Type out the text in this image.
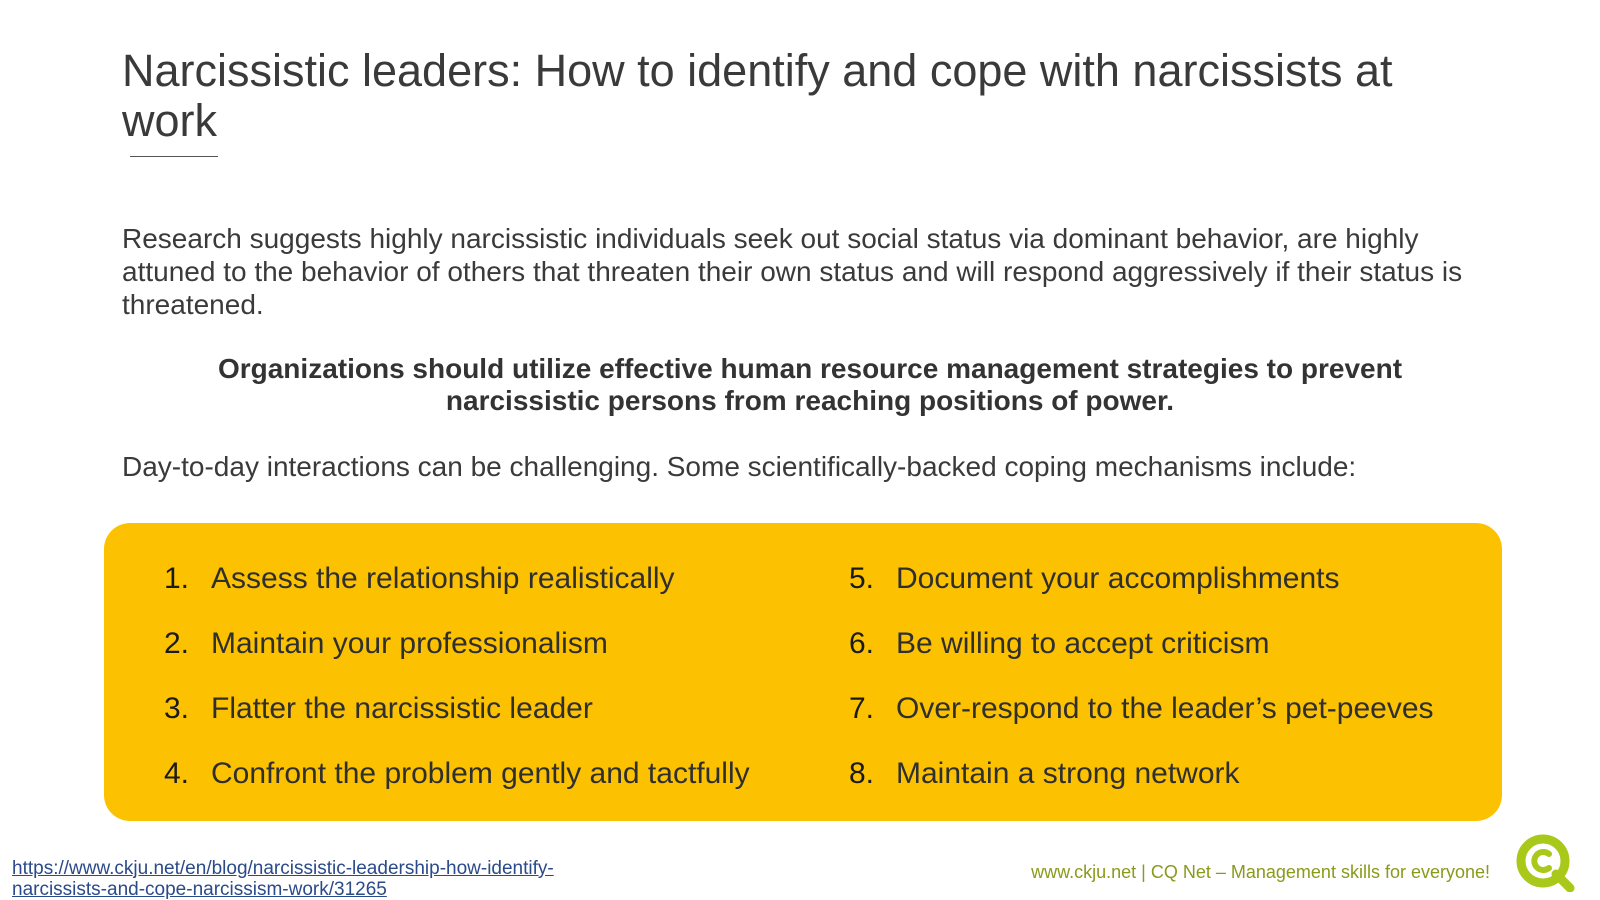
Narcissistic leaders: How to identify and cope with narcissists at work

Research suggests highly narcissistic individuals seek out social status via dominant behavior, are highly attuned to the behavior of others that threaten their own status and will respond aggressively if their status is threatened.

Organizations should utilize effective human resource management strategies to prevent narcissistic persons from reaching positions of power.

Day-to-day interactions can be challenging. Some scientifically-backed coping mechanisms include:

1. Assess the relationship realistically
2. Maintain your professionalism
3. Flatter the narcissistic leader
4. Confront the problem gently and tactfully
5. Document your accomplishments
6. Be willing to accept criticism
7. Over-respond to the leader’s pet-peeves
8. Maintain a strong network
https://www.ckju.net/en/blog/narcissistic-leadership-how-identify-narcissists-and-cope-narcissism-work/31265
www.ckju.net | CQ Net – Management skills for everyone!
